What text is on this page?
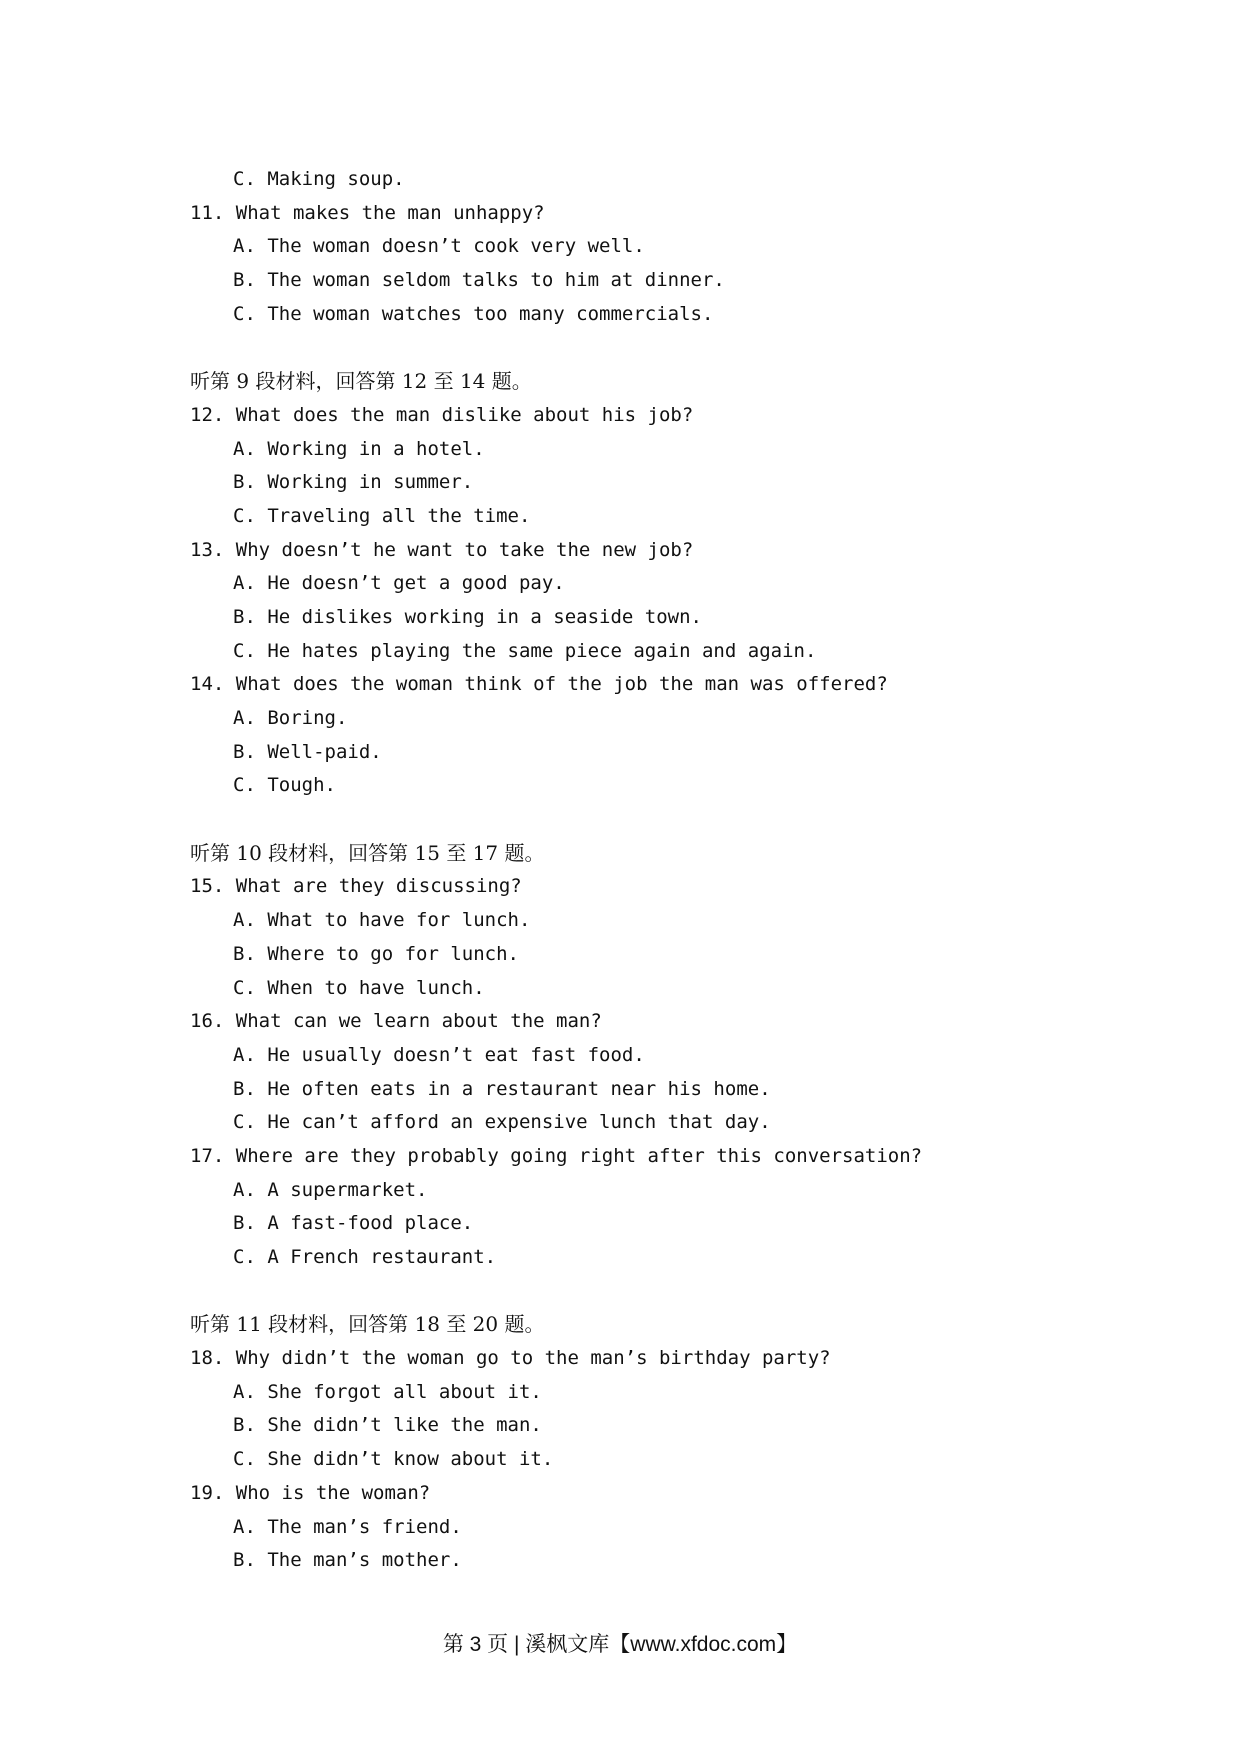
C. Making soup.
11. What makes the man unhappy?
A. The woman doesn’t cook very well.
B. The woman seldom talks to him at dinner.
C. The woman watches too many commercials.
听第 9 段材料，回答第 12 至 14 题。
12. What does the man dislike about his job?
A. Working in a hotel.
B. Working in summer.
C. Traveling all the time.
13. Why doesn’t he want to take the new job?
A. He doesn’t get a good pay.
B. He dislikes working in a seaside town.
C. He hates playing the same piece again and again.
14. What does the woman think of the job the man was offered?
A. Boring.
B. Well-paid.
C. Tough.
听第 10 段材料，回答第 15 至 17 题。
15. What are they discussing?
A. What to have for lunch.
B. Where to go for lunch.
C. When to have lunch.
16. What can we learn about the man?
A. He usually doesn’t eat fast food.
B. He often eats in a restaurant near his home.
C. He can’t afford an expensive lunch that day.
17. Where are they probably going right after this conversation?
A. A supermarket.
B. A fast-food place.
C. A French restaurant.
听第 11 段材料，回答第 18 至 20 题。
18. Why didn’t the woman go to the man’s birthday party?
A. She forgot all about it.
B. She didn’t like the man.
C. She didn’t know about it.
19. Who is the woman?
A. The man’s friend.
B. The man’s mother.
第 3 页 | 溪枫文库【www.xfdoc.com】
